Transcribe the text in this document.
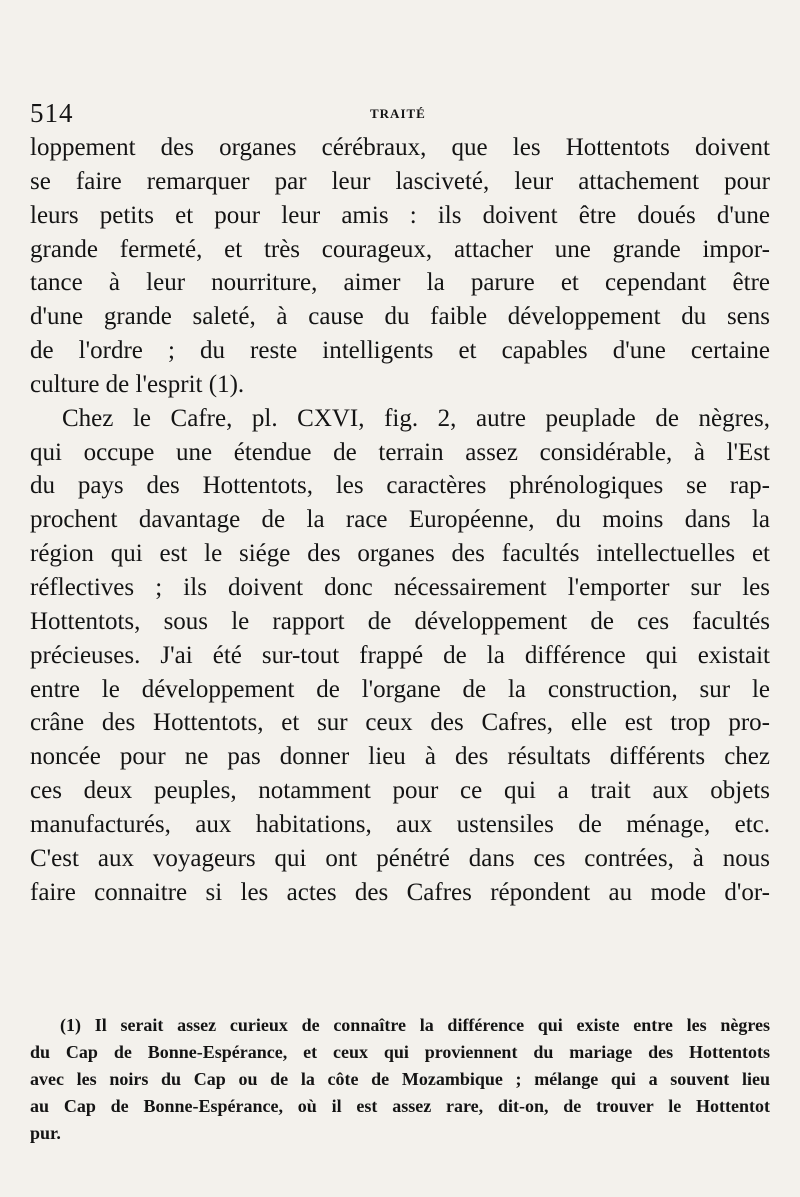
514	TRAITÉ

loppement des organes cérébraux, que les Hottentots doivent
se faire remarquer par leur lasciveté, leur attachement pour
leurs petits et pour leur amis : ils doivent être doués d'une
grande fermeté, et très courageux, attacher une grande impor-
tance à leur nourriture, aimer la parure et cependant être
d'une grande saleté, à cause du faible développement du sens
de l'ordre ; du reste intelligents et capables d'une certaine
culture de l'esprit (1).
Chez le Cafre, pl. CXVI, fig. 2, autre peuplade de nègres,
qui occupe une étendue de terrain assez considérable, à l'Est
du pays des Hottentots, les caractères phrénologiques se rap-
prochent davantage de la race Européenne, du moins dans la
région qui est le siége des organes des facultés intellectuelles et
réflectives ; ils doivent donc nécessairement l'emporter sur les
Hottentots, sous le rapport de développement de ces facultés
précieuses. J'ai été sur-tout frappé de la différence qui existait
entre le développement de l'organe de la construction, sur le
crâne des Hottentots, et sur ceux des Cafres, elle est trop pro-
noncée pour ne pas donner lieu à des résultats différents chez
ces deux peuples, notamment pour ce qui a trait aux objets
manufacturés, aux habitations, aux ustensiles de ménage, etc.
C'est aux voyageurs qui ont pénétré dans ces contrées, à nous
faire connaitre si les actes des Cafres répondent au mode d'or-

(1) Il serait assez curieux de connaître la différence qui existe entre les nègres
du Cap de Bonne-Espérance, et ceux qui proviennent du mariage des Hottentots
avec les noirs du Cap ou de la côte de Mozambique ; mélange qui a souvent lieu
au Cap de Bonne-Espérance, où il est assez rare, dit-on, de trouver le Hottentot
pur.
